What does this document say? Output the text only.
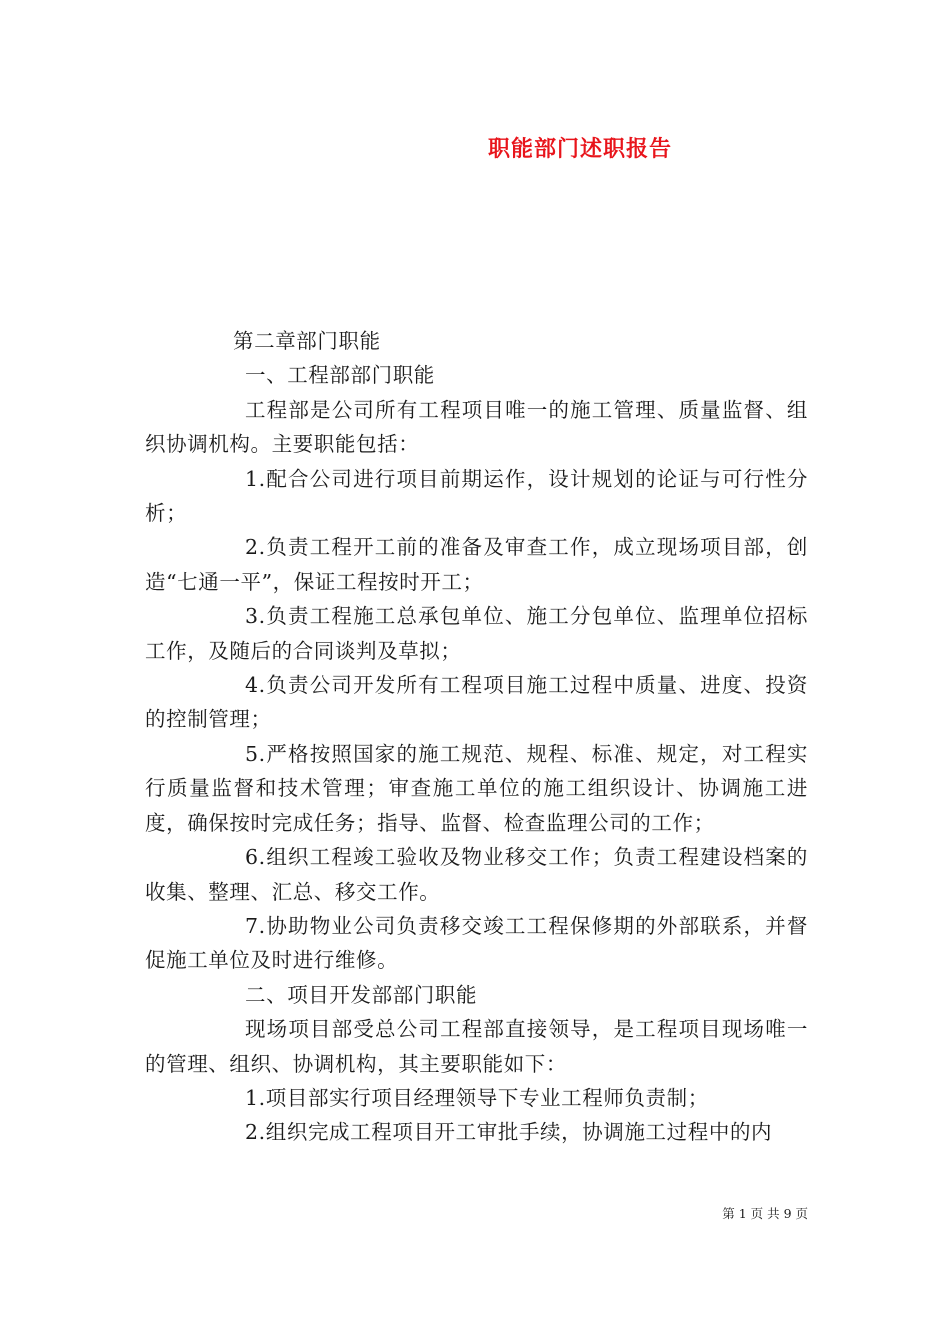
职能部门述职报告

第二章部门职能

一、工程部部门职能

工程部是公司所有工程项目唯一的施工管理、质量监督、组织协调机构。主要职能包括：

1.配合公司进行项目前期运作，设计规划的论证与可行性分析；

2.负责工程开工前的准备及审查工作，成立现场项目部，创造“七通一平”，保证工程按时开工；

3.负责工程施工总承包单位、施工分包单位、监理单位招标工作，及随后的合同谈判及草拟；

4.负责公司开发所有工程项目施工过程中质量、进度、投资的控制管理；

5.严格按照国家的施工规范、规程、标准、规定，对工程实行质量监督和技术管理；审查施工单位的施工组织设计、协调施工进度，确保按时完成任务；指导、监督、检查监理公司的工作；

6.组织工程竣工验收及物业移交工作；负责工程建设档案的收集、整理、汇总、移交工作。

7.协助物业公司负责移交竣工工程保修期的外部联系，并督促施工单位及时进行维修。

二、项目开发部部门职能

现场项目部受总公司工程部直接领导，是工程项目现场唯一的管理、组织、协调机构，其主要职能如下：

1.项目部实行项目经理领导下专业工程师负责制；

2.组织完成工程项目开工审批手续，协调施工过程中的内

第 1 页 共 9 页
